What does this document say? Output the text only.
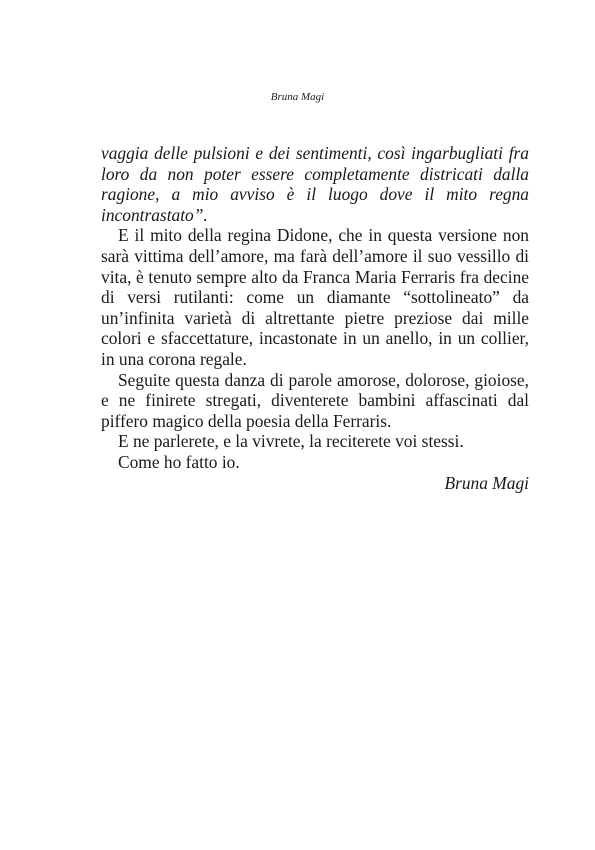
Bruna Magi

vaggia delle pulsioni e dei sentimenti, così ingarbugliati fra loro da non poter essere completamente districati dalla ragione, a mio avviso è il luogo dove il mito regna incontrastato”.

E il mito della regina Didone, che in questa versione non sarà vittima dell’amore, ma farà dell’amore il suo vessillo di vita, è tenuto sempre alto da Franca Maria Ferraris fra decine di versi rutilanti: come un diamante “sottolineato” da un’infinita varietà di altrettante pietre preziose dai mille colori e sfaccettature, incastonate in un anello, in un collier, in una corona regale.

Seguite questa danza di parole amorose, dolorose, gioiose, e ne finirete stregati, diventerete bambini affascinati dal piffero magico della poesia della Ferraris.

E ne parlerete, e la vivrete, la reciterete voi stessi.

Come ho fatto io.

Bruna Magi
